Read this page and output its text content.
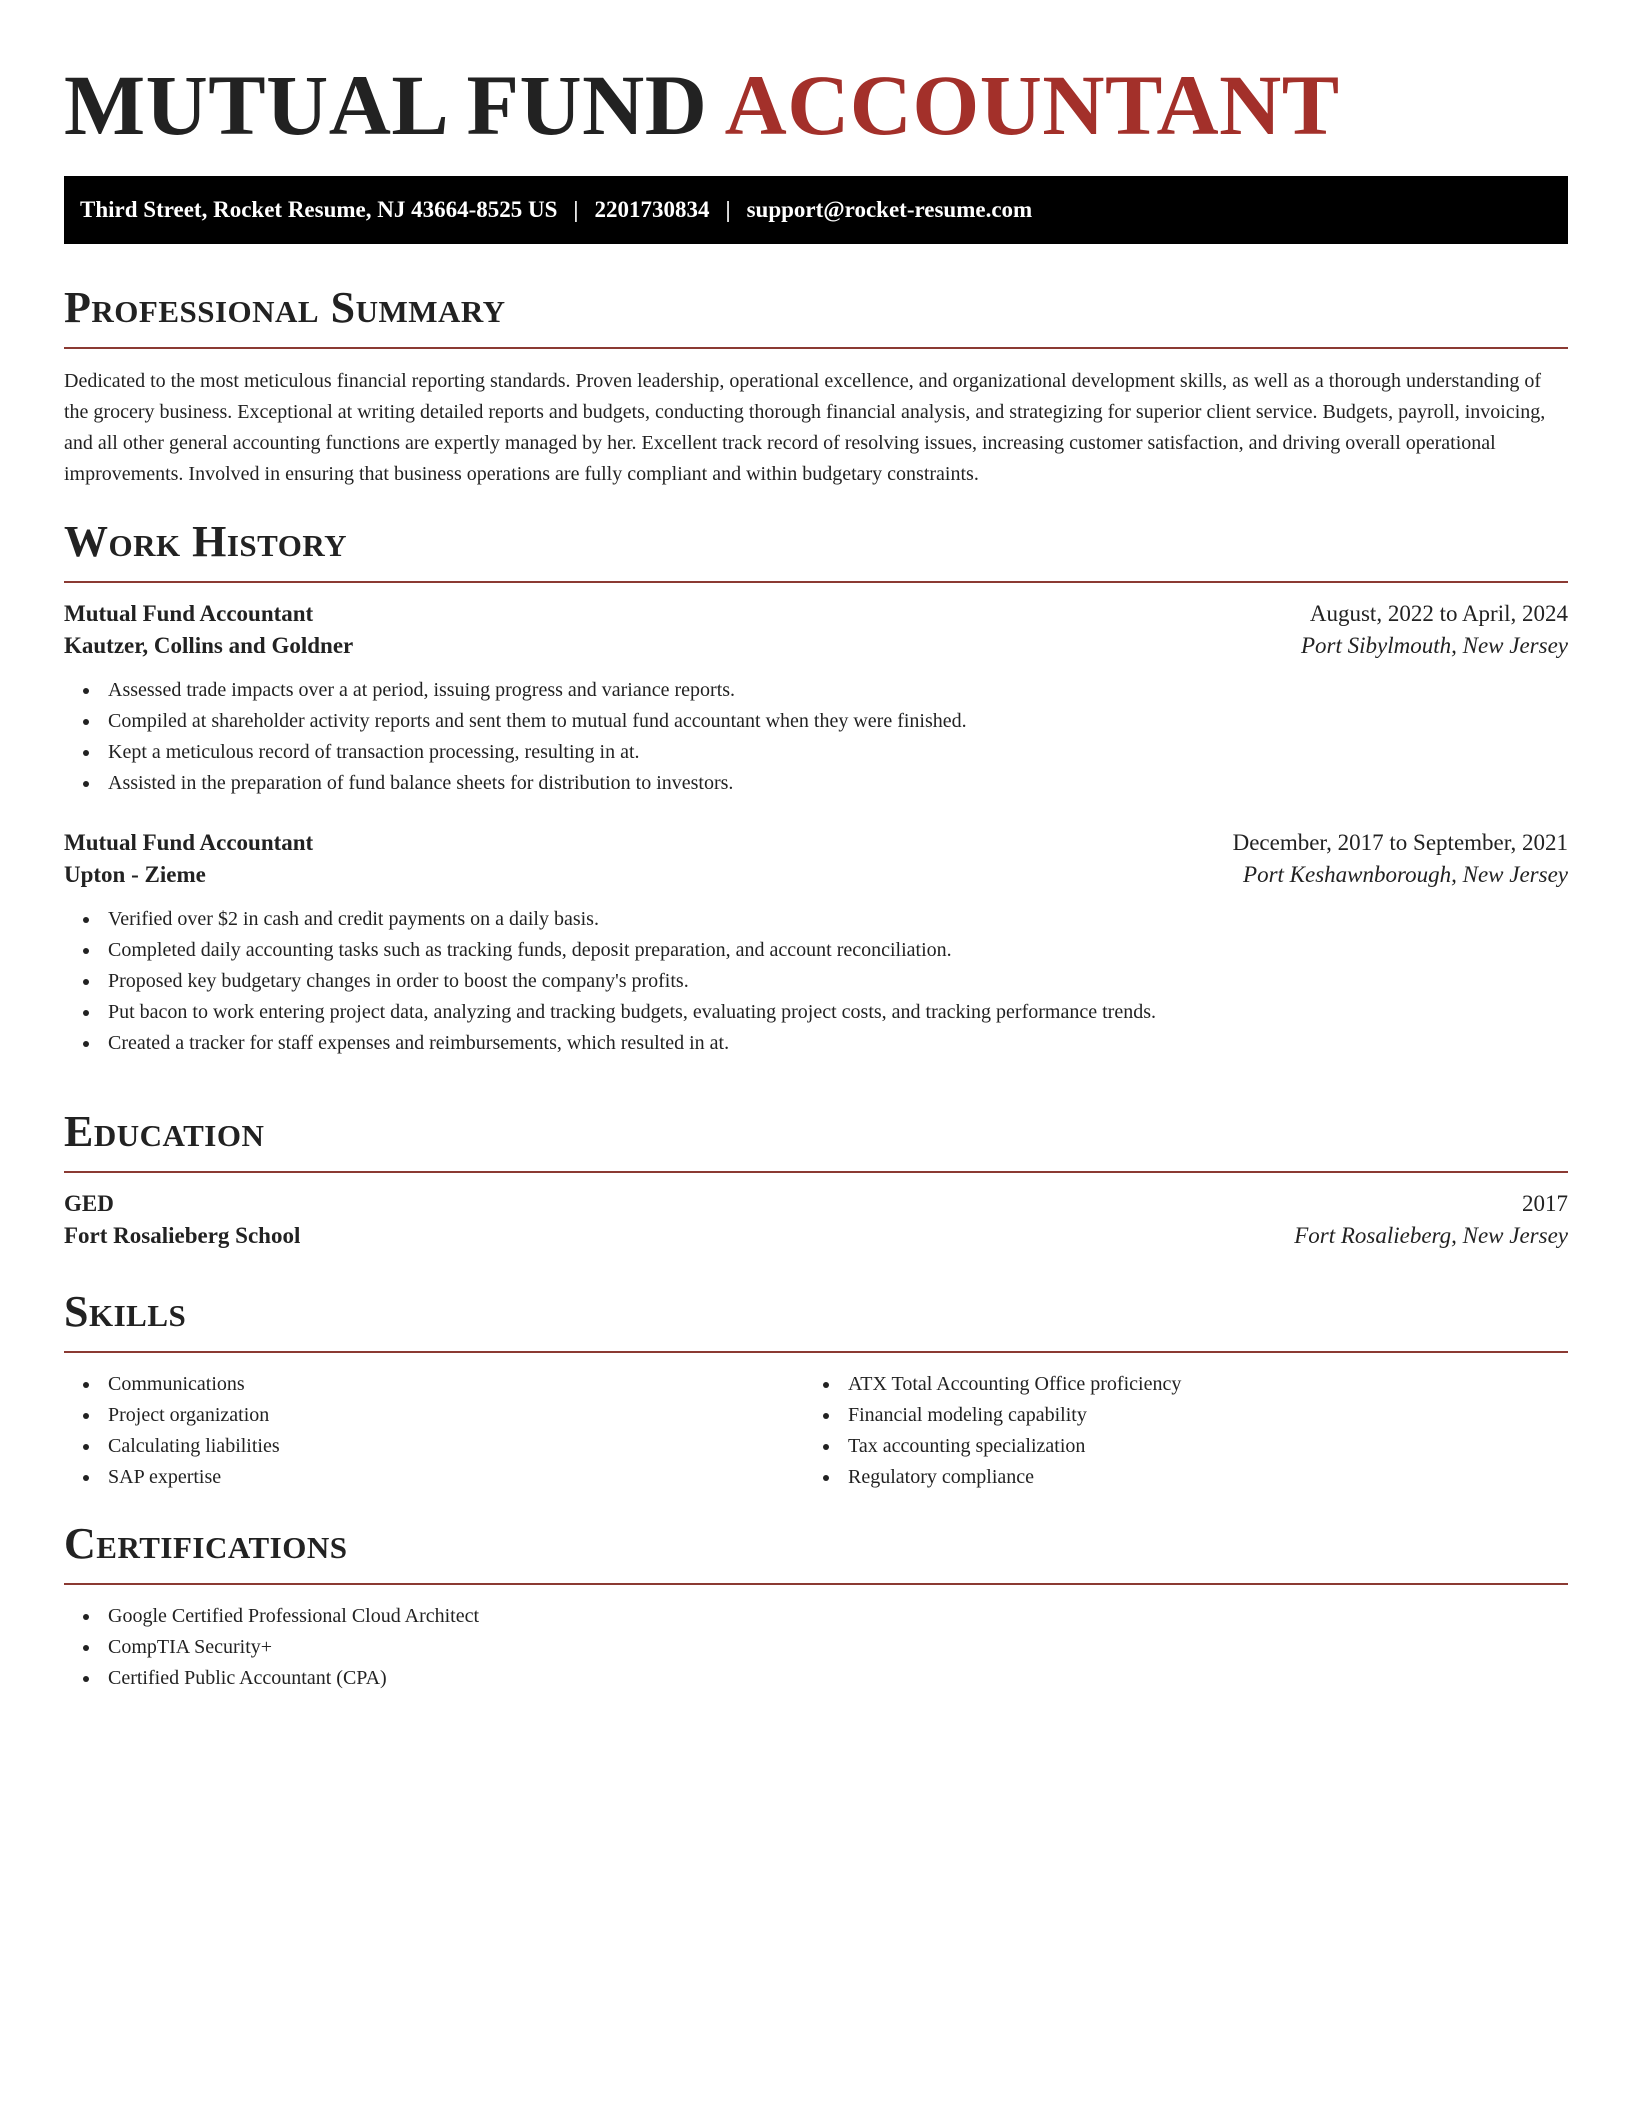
MUTUAL FUND ACCOUNTANT
Third Street, Rocket Resume, NJ 43664-8525 US | 2201730834 | support@rocket-resume.com
Professional Summary
Dedicated to the most meticulous financial reporting standards. Proven leadership, operational excellence, and organizational development skills, as well as a thorough understanding of the grocery business. Exceptional at writing detailed reports and budgets, conducting thorough financial analysis, and strategizing for superior client service. Budgets, payroll, invoicing, and all other general accounting functions are expertly managed by her. Excellent track record of resolving issues, increasing customer satisfaction, and driving overall operational improvements. Involved in ensuring that business operations are fully compliant and within budgetary constraints.
Work History
Mutual Fund Accountant	August, 2022 to April, 2024
Kautzer, Collins and Goldner	Port Sibylmouth, New Jersey
Assessed trade impacts over a at period, issuing progress and variance reports.
Compiled at shareholder activity reports and sent them to mutual fund accountant when they were finished.
Kept a meticulous record of transaction processing, resulting in at.
Assisted in the preparation of fund balance sheets for distribution to investors.
Mutual Fund Accountant	December, 2017 to September, 2021
Upton - Zieme	Port Keshawnborough, New Jersey
Verified over $2 in cash and credit payments on a daily basis.
Completed daily accounting tasks such as tracking funds, deposit preparation, and account reconciliation.
Proposed key budgetary changes in order to boost the company's profits.
Put bacon to work entering project data, analyzing and tracking budgets, evaluating project costs, and tracking performance trends.
Created a tracker for staff expenses and reimbursements, which resulted in at.
Education
GED	2017
Fort Rosalieberg School	Fort Rosalieberg, New Jersey
Skills
Communications
Project organization
Calculating liabilities
SAP expertise
ATX Total Accounting Office proficiency
Financial modeling capability
Tax accounting specialization
Regulatory compliance
Certifications
Google Certified Professional Cloud Architect
CompTIA Security+
Certified Public Accountant (CPA)
